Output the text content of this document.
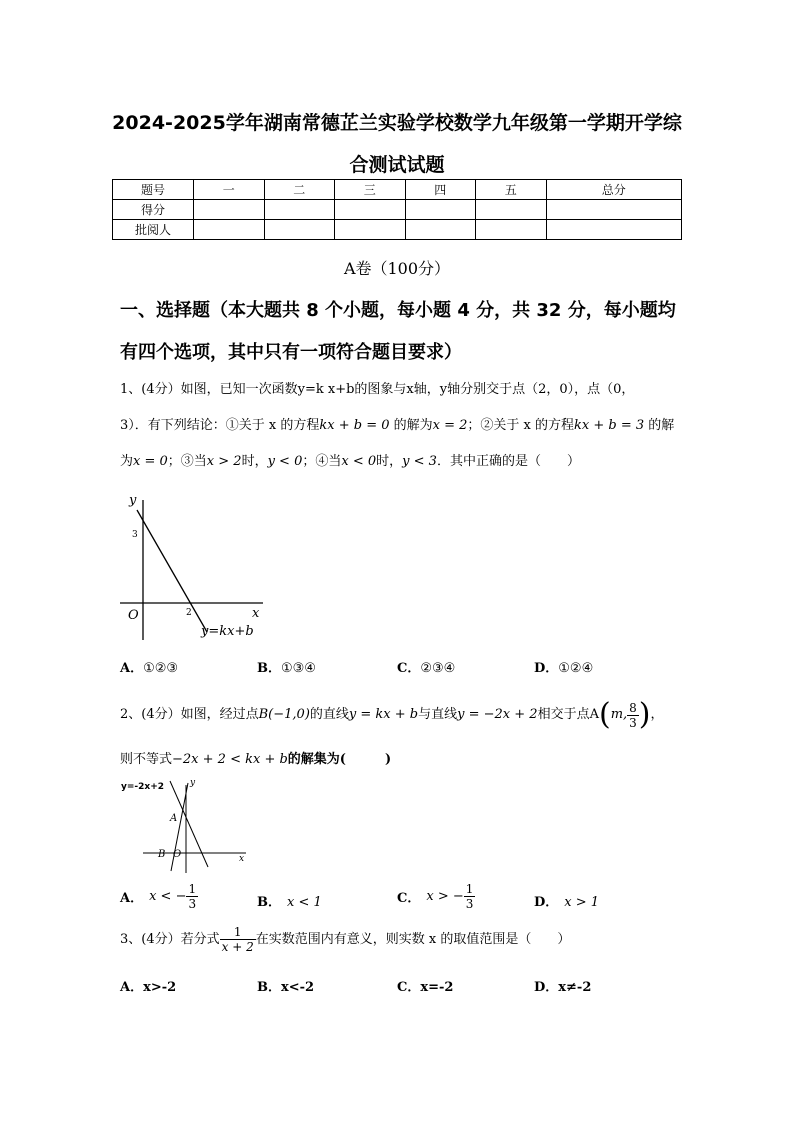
2024-2025学年湖南常德芷兰实验学校数学九年级第一学期开学综
合测试试题
题号	一	二	三	四	五	总分
得分						
批阅人						
A卷（100分）
一、选择题（本大题共 8 个小题，每小题 4 分，共 32 分，每小题均
有四个选项，其中只有一项符合题目要求）
1、(4分）如图，已知一次函数y=k x+b的图象与x轴，y轴分别交于点（2，0），点（0，
3）．有下列结论：①关于 x 的方程kx + b = 0 的解为x = 2；②关于 x 的方程kx + b = 3 的解
为x = 0；③当x > 2时，y < 0；④当x < 0时，y < 3．其中正确的是（　　）
y
x
O
3
2
y=kx+b
A．①②③	B．①③④	C．②③④	D．①②④
2、(4分）如图，经过点 B(−1,0) 的直线 y = kx + b 与直线 y = −2x + 2 相交于点 A ( m, $\frac{8}{3}$ ) ，
则不等式−2x + 2 < kx + b的解集为(　　　)
y=-2x+2	y
x
A
B O
A． x < − $\frac{1}{3}$	B． x < 1	C． x > − $\frac{1}{3}$	D． x > 1
3、(4分）若分式 $\frac{1}{x + 2}$ 在实数范围内有意义，则实数 x 的取值范围是（　　）
A．x>-2	B．x<-2	C．x=-2	D．x≠-2
